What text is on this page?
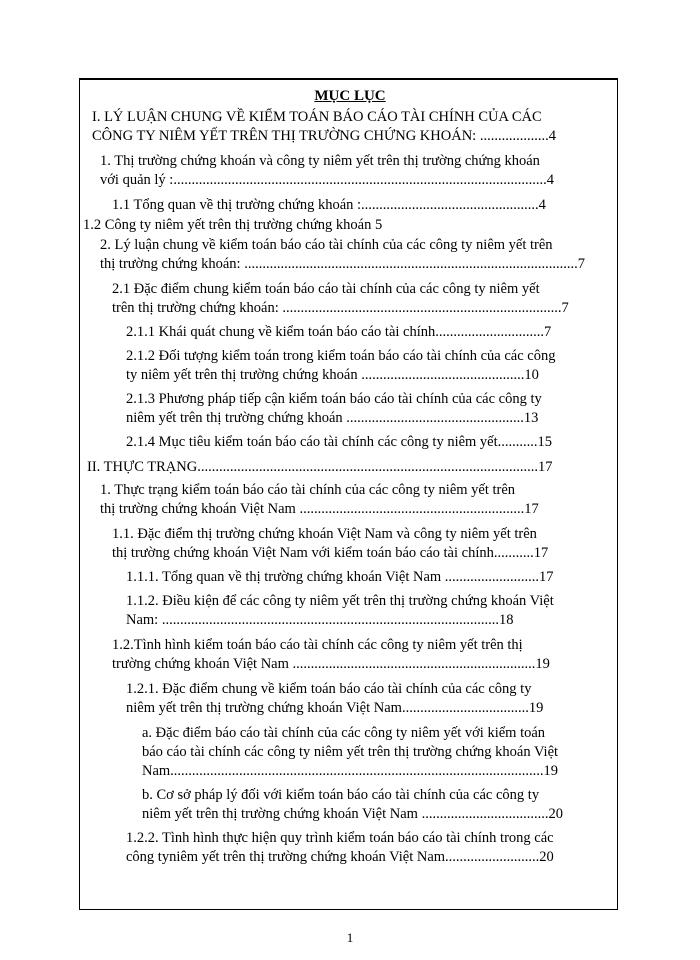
MỤC LỤC
I. LÝ LUẬN CHUNG VỀ KIỂM TOÁN BÁO CÁO TÀI CHÍNH CỦA CÁC
CÔNG TY NIÊM YẾT TRÊN THỊ TRƯỜNG CHỨNG KHOÁN: ...................4
1. Thị trường chứng khoán và công ty niêm yết trên thị trường chứng khoán
với quản lý :.......................................................................................................4
1.1 Tổng quan về thị trường chứng khoán :.................................................4
1.2 Công ty niêm yết trên thị trường chứng khoán 5
2. Lý luận chung về kiểm toán báo cáo tài chính của các công ty niêm yết trên
thị trường chứng khoán: ............................................................................................7
2.1 Đặc điểm chung kiểm toán báo cáo tài chính của các công ty niêm yết
trên thị trường chứng khoán: .............................................................................7
2.1.1 Khái quát chung về kiểm toán báo cáo tài chính..............................7
2.1.2 Đối tượng kiểm toán trong kiểm toán báo cáo tài chính của các công
ty niêm yết trên thị trường chứng khoán .............................................10
2.1.3 Phương pháp tiếp cận kiểm toán báo cáo tài chính của các công ty
niêm yết trên thị trường chứng khoán .................................................13
2.1.4 Mục tiêu kiểm toán báo cáo tài chính các công ty niêm yết...........15
II. THỰC TRẠNG..............................................................................................17
1. Thực trạng kiểm toán báo cáo tài chính của các công ty niêm yết trên
thị trường chứng khoán Việt Nam ..............................................................17
1.1. Đặc điểm thị trường chứng khoán Việt Nam và công ty niêm yết trên
thị trường chứng khoán Việt Nam với kiểm toán báo cáo tài chính...........17
1.1.1. Tổng quan về thị trường chứng khoán Việt Nam ..........................17
1.1.2. Điều kiện để các công ty niêm yết trên thị trường chứng khoán Việt
Nam: .............................................................................................18
1.2.Tình hình kiểm toán báo cáo tài chính các công ty niêm yết trên thị
trường chứng khoán Việt Nam ...................................................................19
1.2.1. Đặc điểm chung về kiểm toán báo cáo tài chính của các công ty
niêm yết trên thị trường chứng khoán Việt Nam...................................19
a. Đặc điểm báo cáo tài chính của các công ty niêm yết với kiểm toán
báo cáo tài chính các công ty niêm yết trên thị trường chứng khoán Việt
Nam.......................................................................................................19
b. Cơ sở pháp lý đối với kiểm toán báo cáo tài chính của các công ty
niêm yết trên thị trường chứng khoán Việt Nam ...................................20
1.2.2. Tình hình thực hiện quy trình kiểm toán báo cáo tài chính trong các
công tyniêm yết trên thị trường chứng khoán Việt Nam..........................20
1
